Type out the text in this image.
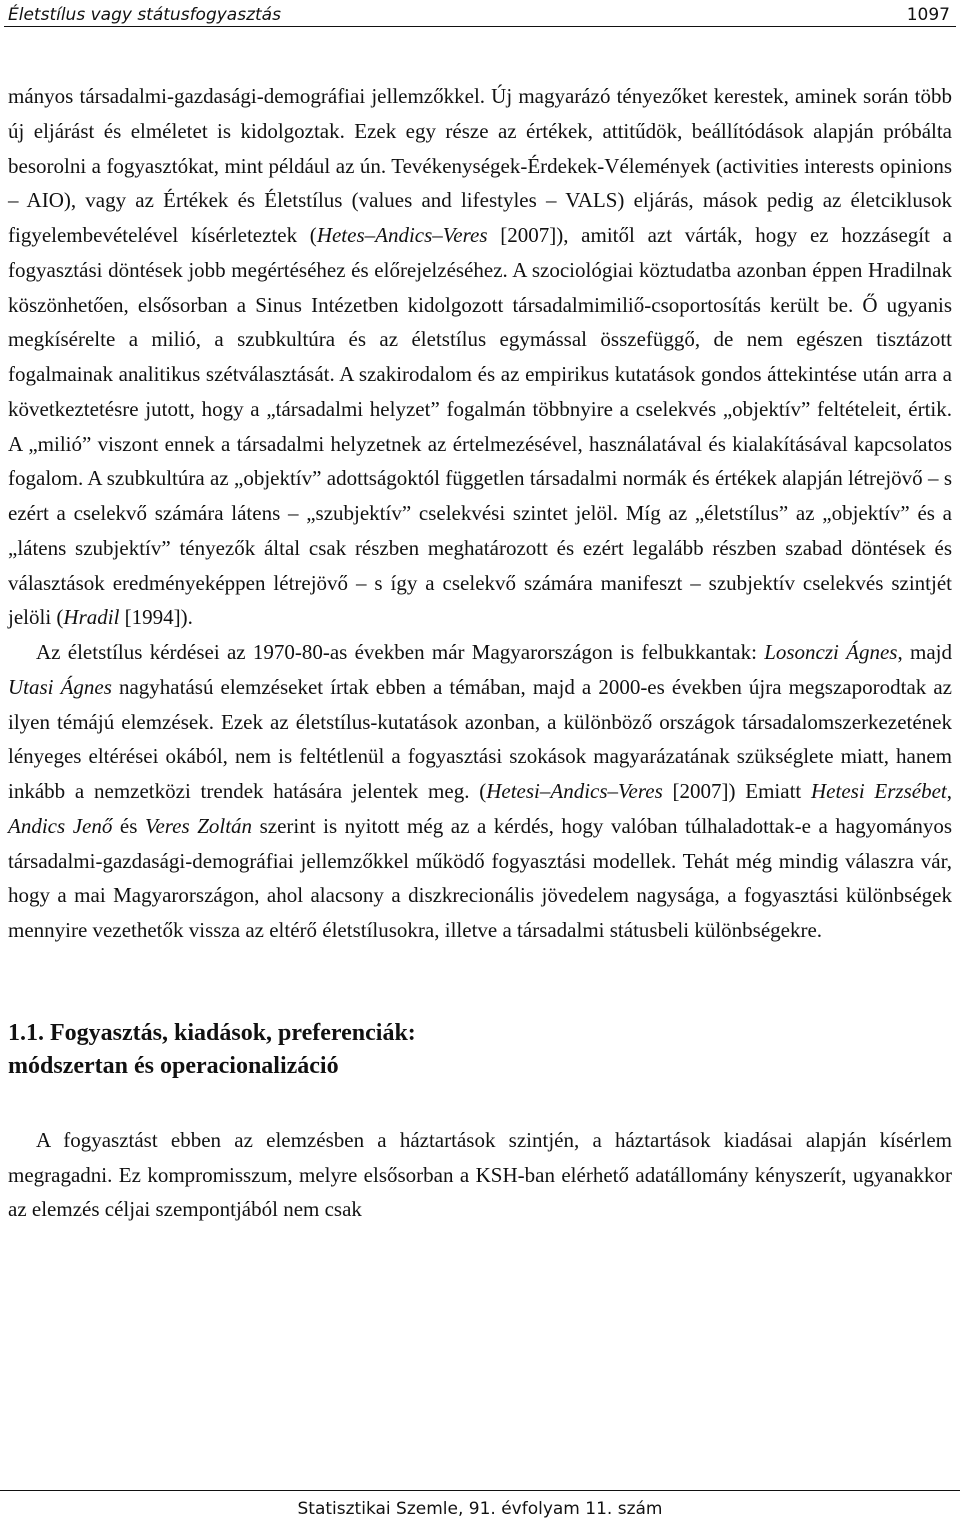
Életstílus vagy státusfogyasztás	1097

mányos társadalmi-gazdasági-demográfiai jellemzőkkel. Új magyarázó tényezőket kerestek, aminek során több új eljárást és elméletet is kidolgoztak. Ezek egy része az értékek, attitűdök, beállítódások alapján próbálta besorolni a fogyasztókat, mint például az ún. Tevékenységek-Érdekek-Vélemények (activities interests opinions – AIO), vagy az Értékek és Életstílus (values and lifestyles – VALS) eljárás, mások pedig az életciklusok figyelembevételével kísérleteztek (Hetes–Andics–Veres [2007]), amitől azt várták, hogy ez hozzásegít a fogyasztási döntések jobb megértéséhez és előrejelzéséhez. A szociológiai köztudatba azonban éppen Hradilnak köszönhetően, elsősorban a Sinus Intézetben kidolgozott társadalmimiliő-csoportosítás került be. Ő ugyanis megkísérelte a milió, a szubkultúra és az életstílus egymással összefüggő, de nem egészen tisztázott fogalmainak analitikus szétválasztását. A szakirodalom és az empirikus kutatások gondos áttekintése után arra a következtetésre jutott, hogy a „társadalmi helyzet” fogalmán többnyire a cselekvés „objektív” feltételeit, értik. A „milió” viszont ennek a társadalmi helyzetnek az értelmezésével, használatával és kialakításával kapcsolatos fogalom. A szubkultúra az „objektív” adottságoktól független társadalmi normák és értékek alapján létrejövő – s ezért a cselekvő számára látens – „szubjektív” cselekvési szintet jelöl. Míg az „életstílus” az „objektív” és a „látens szubjektív” tényezők által csak részben meghatározott és ezért legalább részben szabad döntések és választások eredményeképpen létrejövő – s így a cselekvő számára manifeszt – szubjektív cselekvés szintjét jelöli (Hradil [1994]).

Az életstílus kérdései az 1970-80-as években már Magyarországon is felbukkantak: Losonczi Ágnes, majd Utasi Ágnes nagyhatású elemzéseket írtak ebben a témában, majd a 2000-es években újra megszaporodtak az ilyen témájú elemzések. Ezek az életstílus-kutatások azonban, a különböző országok társadalomszerkezetének lényeges eltérései okából, nem is feltétlenül a fogyasztási szokások magyarázatának szükséglete miatt, hanem inkább a nemzetközi trendek hatására jelentek meg. (Hetesi–Andics–Veres [2007]) Emiatt Hetesi Erzsébet, Andics Jenő és Veres Zoltán szerint is nyitott még az a kérdés, hogy valóban túlhaladottak-e a hagyományos társadalmi-gazdasági-demográfiai jellemzőkkel működő fogyasztási modellek. Tehát még mindig válaszra vár, hogy a mai Magyarországon, ahol alacsony a diszkrecionális jövedelem nagysága, a fogyasztási különbségek mennyire vezethetők vissza az eltérő életstílusokra, illetve a társadalmi státusbeli különbségekre.

1.1. Fogyasztás, kiadások, preferenciák:
módszertan és operacionalizáció

A fogyasztást ebben az elemzésben a háztartások szintjén, a háztartások kiadásai alapján kísérlem megragadni. Ez kompromisszum, melyre elsősorban a KSH-ban elérhető adatállomány kényszerít, ugyanakkor az elemzés céljai szempontjából nem csak

Statisztikai Szemle, 91. évfolyam 11. szám
